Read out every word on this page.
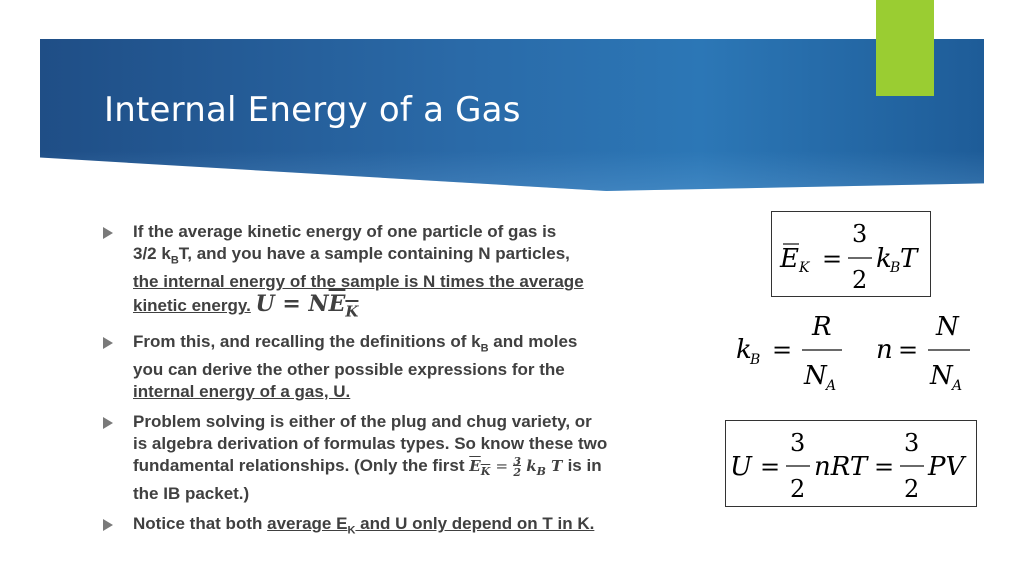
Internal Energy of a Gas
If the average kinetic energy of one particle of gas is
3/2 $k_BT$, and you have a sample containing N particles,
the internal energy of the sample is N times the average
kinetic energy. $U = NE_K$
From this, and recalling the definitions of $k_B$ and moles
you can derive the other possible expressions for the
internal energy of a gas, U.
Problem solving is either of the plug and chug variety, or
is algebra derivation of formulas types. So know these two
fundamental relationships. (Only the first $E_K = \frac{3}{2} k_B$ T is in
the IB packet.)
Notice that both average $E_K$ and U only depend on T in K.
E K =
3
2
k
B T
k
B =
R
N A
n =
N
N A
U =
3
2
nRT =
3
2
PV
